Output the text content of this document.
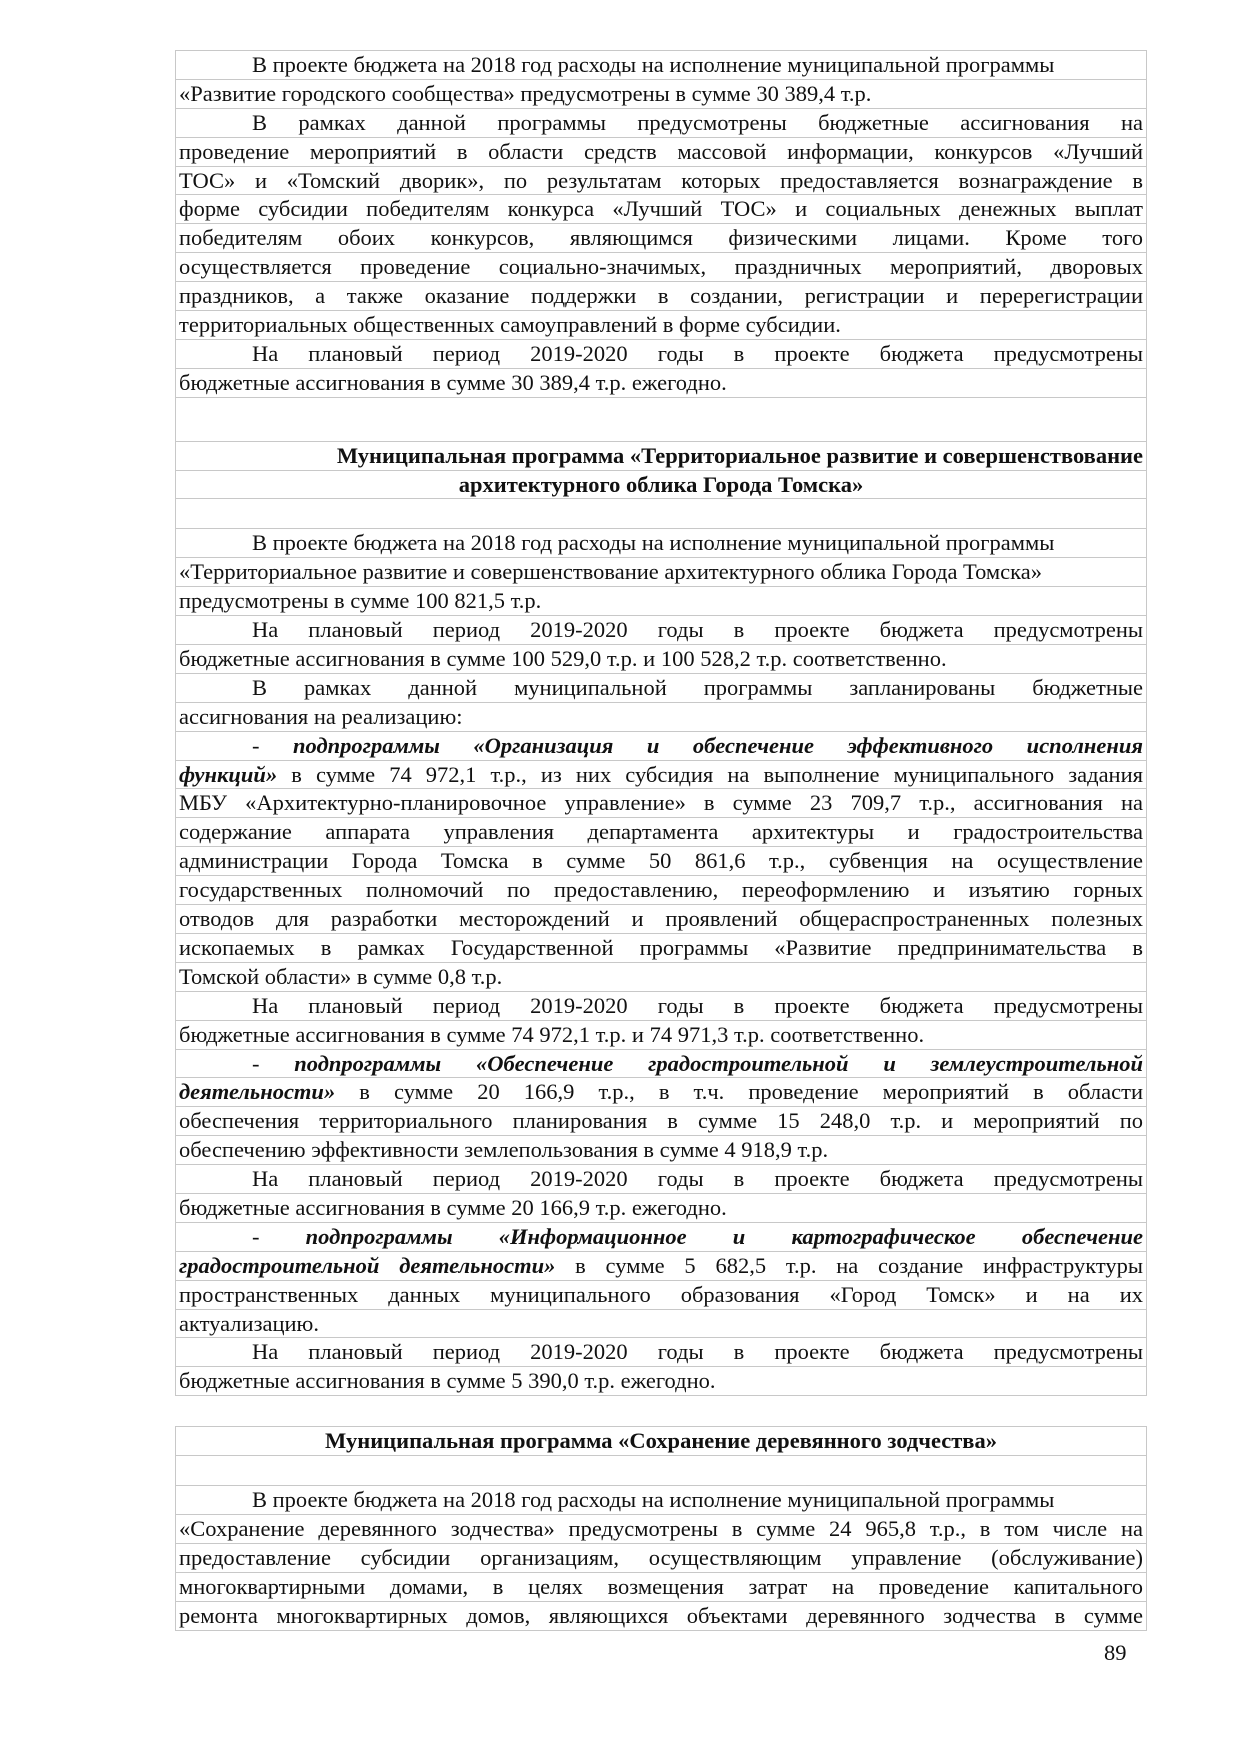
В проекте бюджета на 2018 год расходы на исполнение муниципальной программы
«Развитие городского сообщества» предусмотрены в сумме 30 389,4 т.р.
В рамках данной программы предусмотрены бюджетные ассигнования на
проведение мероприятий в области средств массовой информации, конкурсов «Лучший
ТОС» и «Томский дворик», по результатам которых предоставляется вознаграждение в
форме субсидии победителям конкурса «Лучший ТОС» и социальных денежных выплат
победителям обоих конкурсов, являющимся физическими лицами. Кроме того
осуществляется проведение социально-значимых, праздничных мероприятий, дворовых
праздников, а также оказание поддержки в создании, регистрации и перерегистрации
территориальных общественных самоуправлений в форме субсидии.
На плановый период 2019-2020 годы в проекте бюджета предусмотрены
бюджетные ассигнования в сумме 30 389,4 т.р. ежегодно.
Муниципальная программа «Территориальное развитие и совершенствование
архитектурного облика Города Томска»
В проекте бюджета на 2018 год расходы на исполнение муниципальной программы
«Территориальное развитие и совершенствование архитектурного облика Города Томска»
предусмотрены в сумме 100 821,5 т.р.
На плановый период 2019-2020 годы в проекте бюджета предусмотрены
бюджетные ассигнования в сумме 100 529,0 т.р. и 100 528,2 т.р. соответственно.
В рамках данной муниципальной программы запланированы бюджетные
ассигнования на реализацию:
- подпрограммы «Организация и обеспечение эффективного исполнения
функций» в сумме 74 972,1 т.р., из них субсидия на выполнение муниципального задания
МБУ «Архитектурно-планировочное управление» в сумме 23 709,7 т.р., ассигнования на
содержание аппарата управления департамента архитектуры и градостроительства
администрации Города Томска в сумме 50 861,6 т.р., субвенция на осуществление
государственных полномочий по предоставлению, переоформлению и изъятию горных
отводов для разработки месторождений и проявлений общераспространенных полезных
ископаемых в рамках Государственной программы «Развитие предпринимательства в
Томской области» в сумме 0,8 т.р.
На плановый период 2019-2020 годы в проекте бюджета предусмотрены
бюджетные ассигнования в сумме 74 972,1 т.р. и 74 971,3 т.р. соответственно.
- подпрограммы «Обеспечение градостроительной и землеустроительной
деятельности» в сумме 20 166,9 т.р., в т.ч. проведение мероприятий в области
обеспечения территориального планирования в сумме 15 248,0 т.р. и мероприятий по
обеспечению эффективности землепользования в сумме 4 918,9 т.р.
На плановый период 2019-2020 годы в проекте бюджета предусмотрены
бюджетные ассигнования в сумме 20 166,9 т.р. ежегодно.
- подпрограммы «Информационное и картографическое обеспечение
градостроительной деятельности» в сумме 5 682,5 т.р. на создание инфраструктуры
пространственных данных муниципального образования «Город Томск» и на их
актуализацию.
На плановый период 2019-2020 годы в проекте бюджета предусмотрены
бюджетные ассигнования в сумме 5 390,0 т.р. ежегодно.
Муниципальная программа «Сохранение деревянного зодчества»
В проекте бюджета на 2018 год расходы на исполнение муниципальной программы
«Сохранение деревянного зодчества» предусмотрены в сумме 24 965,8 т.р., в том числе на
предоставление субсидии организациям, осуществляющим управление (обслуживание)
многоквартирными домами, в целях возмещения затрат на проведение капитального
ремонта многоквартирных домов, являющихся объектами деревянного зодчества в сумме
89
